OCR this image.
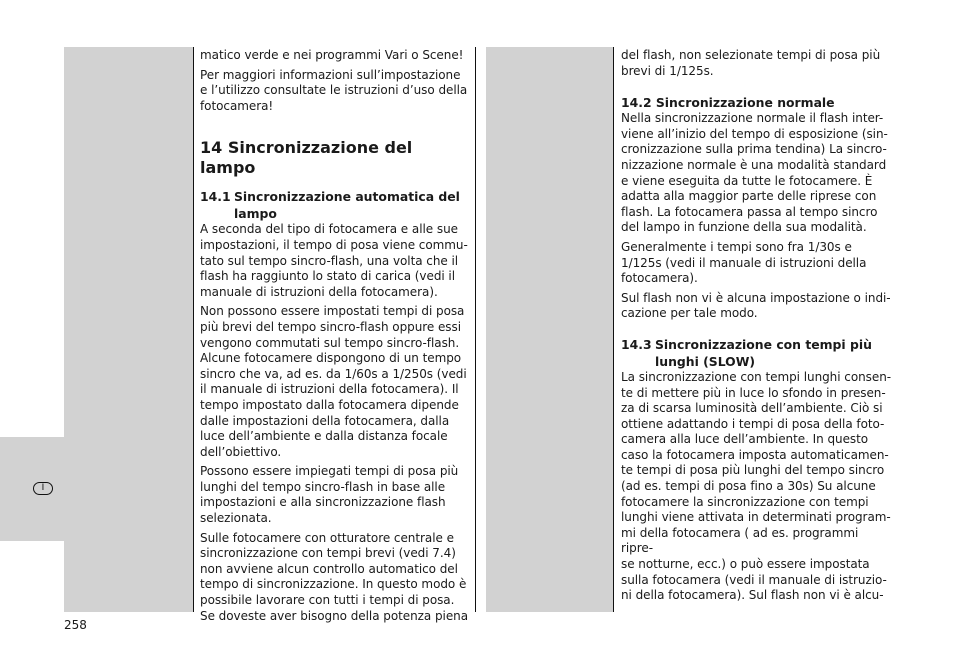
I

matico verde e nei programmi Vari o Scene!

Per maggiori informazioni sull’impostazione

e l’utilizzo consultate le istruzioni d’uso della

fotocamera!

14 Sincronizzazione del lampo
14.1 Sincronizzazione automatica del
lampo

A seconda del tipo di fotocamera e alle sue

impostazioni, il tempo di posa viene commu-

tato sul tempo sincro-flash, una volta che il

flash ha raggiunto lo stato di carica (vedi il

manuale di istruzioni della fotocamera).

Non possono essere impostati tempi di posa

più brevi del tempo sincro-flash oppure essi

vengono commutati sul tempo sincro-flash.

Alcune fotocamere dispongono di un tempo

sincro che va, ad es. da 1/60s a 1/250s (vedi

il manuale di istruzioni della fotocamera). Il

tempo impostato dalla fotocamera dipende

dalle impostazioni della fotocamera, dalla

luce dell’ambiente e dalla distanza focale

dell’obiettivo.

Possono essere impiegati tempi di posa più

lunghi del tempo sincro-flash in base alle

impostazioni e alla sincronizzazione flash

selezionata.

Sulle fotocamere con otturatore centrale e

sincronizzazione con tempi brevi (vedi 7.4)

non avviene alcun controllo automatico del

tempo di sincronizzazione. In questo modo è

possibile lavorare con tutti i tempi di posa.

Se doveste aver bisogno della potenza piena

del flash, non selezionate tempi di posa più

brevi di 1/125s.

14.2 Sincronizzazione normale

Nella sincronizzazione normale il flash inter-

viene all’inizio del tempo di esposizione (sin-

cronizzazione sulla prima tendina) La sincro-

nizzazione normale è una modalità standard

e viene eseguita da tutte le fotocamere. È

adatta alla maggior parte delle riprese con

flash. La fotocamera passa al tempo sincro

del lampo in funzione della sua modalità.

Generalmente i tempi sono fra 1/30s e

1/125s (vedi il manuale di istruzioni della

fotocamera).

Sul flash non vi è alcuna impostazione o indi-

cazione per tale modo.

14.3 Sincronizzazione con tempi più
lunghi (SLOW)

La sincronizzazione con tempi lunghi consen-

te di mettere più in luce lo sfondo in presen-

za di scarsa luminosità dell’ambiente. Ciò si

ottiene adattando i tempi di posa della foto-

camera alla luce dell’ambiente. In questo

caso la fotocamera imposta automaticamen-

te tempi di posa più lunghi del tempo sincro

(ad es. tempi di posa fino a 30s) Su alcune

fotocamere la sincronizzazione con tempi

lunghi viene attivata in determinati program-

mi della fotocamera ( ad es. programmi ripre-

se notturne, ecc.) o può essere impostata

sulla fotocamera (vedi il manuale di istruzio-

ni della fotocamera). Sul flash non vi è alcu-

258
